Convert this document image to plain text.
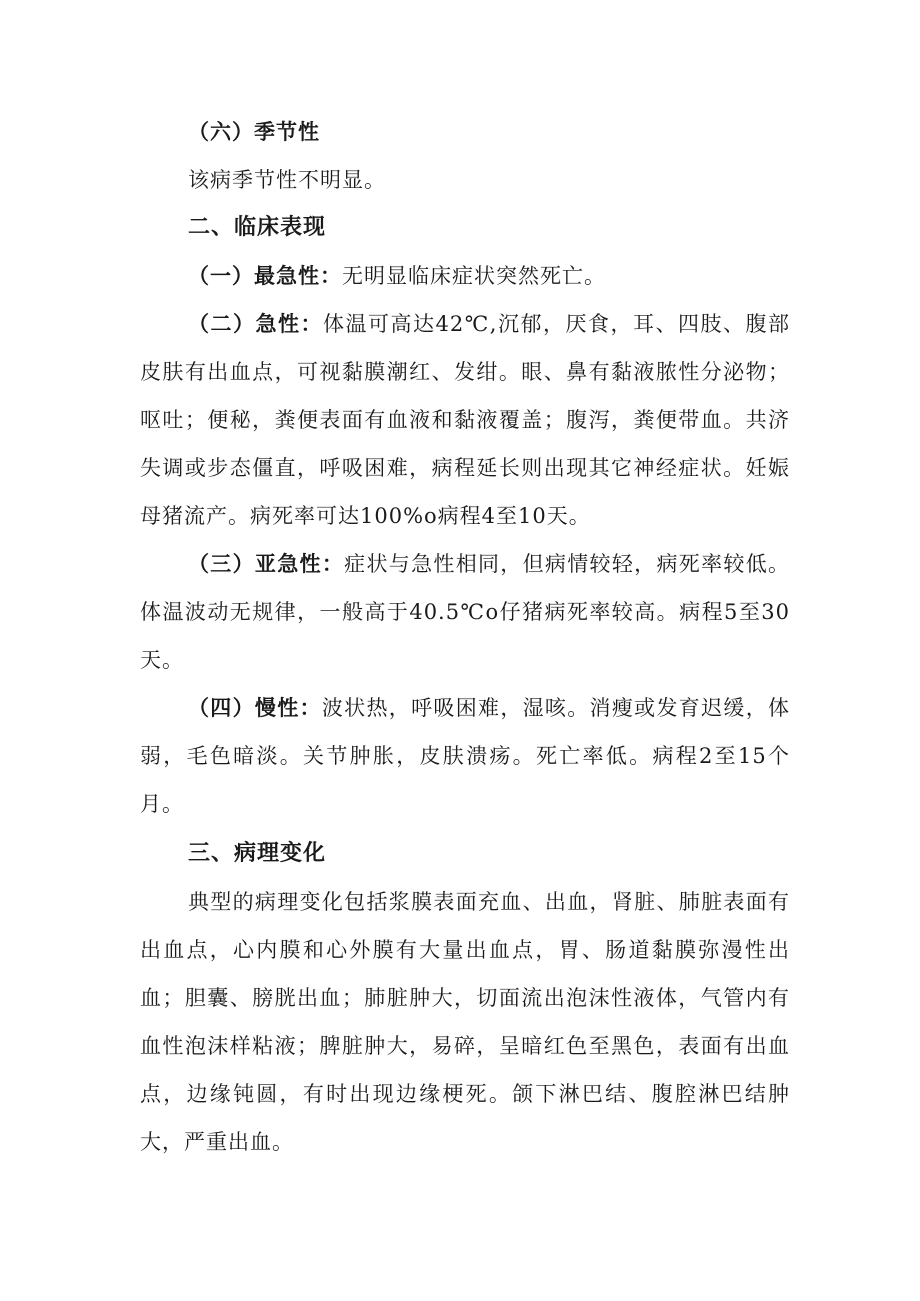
（六）季节性

该病季节性不明显。

二、临床表现

（一）最急性：无明显临床症状突然死亡。

（二）急性：体温可高达42℃,沉郁，厌食，耳、四肢、腹部皮肤有出血点，可视黏膜潮红、发绀。眼、鼻有黏液脓性分泌物；呕吐；便秘，粪便表面有血液和黏液覆盖；腹泻，粪便带血。共济失调或步态僵直，呼吸困难，病程延长则出现其它神经症状。妊娠母猪流产。病死率可达100%o病程4至10天。

（三）亚急性：症状与急性相同，但病情较轻，病死率较低。体温波动无规律，一般高于40.5℃o仔猪病死率较高。病程5至30天。

（四）慢性：波状热，呼吸困难，湿咳。消瘦或发育迟缓，体弱，毛色暗淡。关节肿胀，皮肤溃疡。死亡率低。病程2至15个月。

三、病理变化

典型的病理变化包括浆膜表面充血、出血，肾脏、肺脏表面有出血点，心内膜和心外膜有大量出血点，胃、肠道黏膜弥漫性出血；胆囊、膀胱出血；肺脏肿大，切面流出泡沫性液体，气管内有血性泡沫样粘液；脾脏肿大，易碎，呈暗红色至黑色，表面有出血点，边缘钝圆，有时出现边缘梗死。颌下淋巴结、腹腔淋巴结肿大，严重出血。
